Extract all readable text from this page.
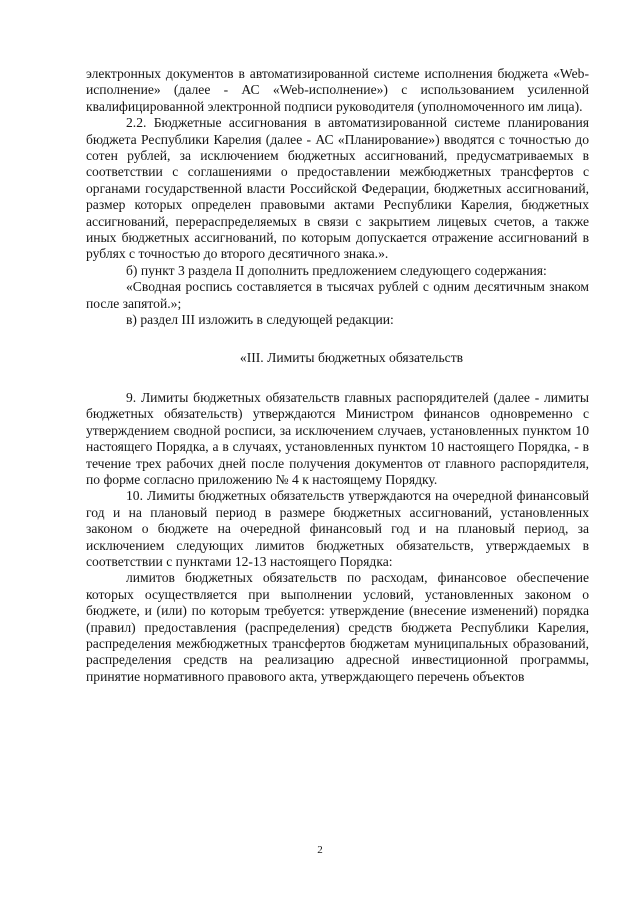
электронных документов в автоматизированной системе исполнения бюджета «Web-исполнение» (далее - АС «Web-исполнение») с использованием усиленной квалифицированной электронной подписи руководителя (уполномоченного им лица).

2.2. Бюджетные ассигнования в автоматизированной системе планирования бюджета Республики Карелия (далее - АС «Планирование») вводятся с точностью до сотен рублей, за исключением бюджетных ассигнований, предусматриваемых в соответствии с соглашениями о предоставлении межбюджетных трансфертов с органами государственной власти Российской Федерации, бюджетных ассигнований, размер которых определен правовыми актами Республики Карелия, бюджетных ассигнований, перераспределяемых в связи с закрытием лицевых счетов, а также иных бюджетных ассигнований, по которым допускается отражение ассигнований в рублях с точностью до второго десятичного знака.».

б) пункт 3 раздела II дополнить предложением следующего содержания:

«Сводная роспись составляется в тысячах рублей с одним десятичным знаком после запятой.»;

в) раздел III изложить в следующей редакции:

«III. Лимиты бюджетных обязательств

9. Лимиты бюджетных обязательств главных распорядителей (далее - лимиты бюджетных обязательств) утверждаются Министром финансов одновременно с утверждением сводной росписи, за исключением случаев, установленных пунктом 10 настоящего Порядка, а в случаях, установленных пунктом 10 настоящего Порядка, - в течение трех рабочих дней после получения документов от главного распорядителя, по форме согласно приложению № 4 к настоящему Порядку.

10. Лимиты бюджетных обязательств утверждаются на очередной финансовый год и на плановый период в размере бюджетных ассигнований, установленных законом о бюджете на очередной финансовый год и на плановый период, за исключением следующих лимитов бюджетных обязательств, утверждаемых в соответствии с пунктами 12-13 настоящего Порядка:

лимитов бюджетных обязательств по расходам, финансовое обеспечение которых осуществляется при выполнении условий, установленных законом о бюджете, и (или) по которым требуется: утверждение (внесение изменений) порядка (правил) предоставления (распределения) средств бюджета Республики Карелия, распределения межбюджетных трансфертов бюджетам муниципальных образований, распределения средств на реализацию адресной инвестиционной программы, принятие нормативного правового акта, утверждающего перечень объектов

2
